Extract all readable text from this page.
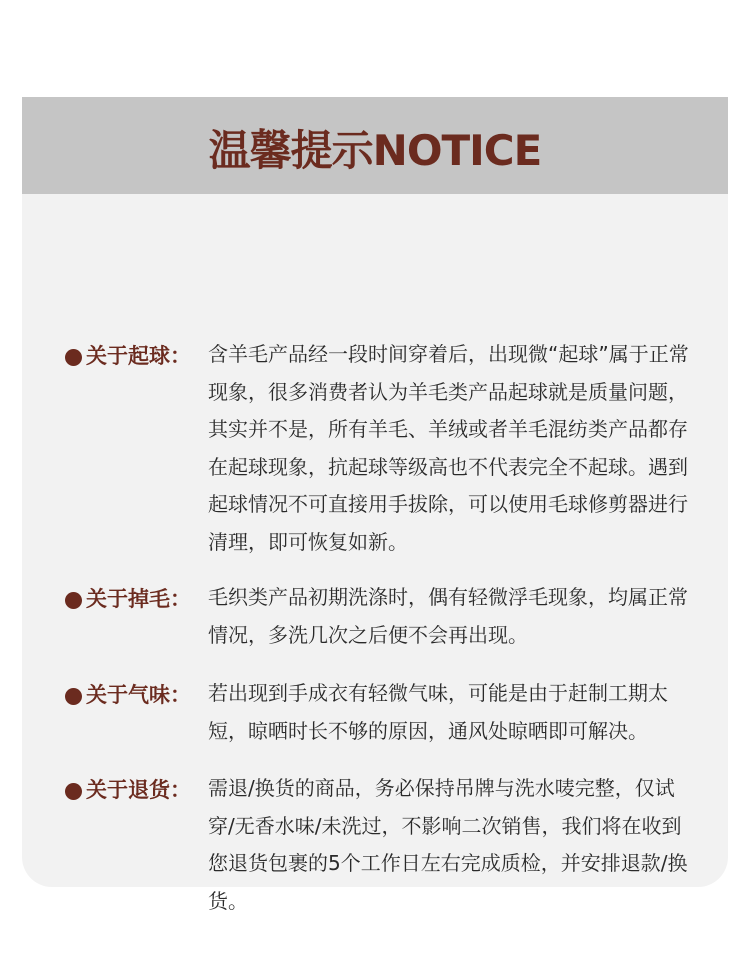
温馨提示NOTICE
关于起球： 含羊毛产品经一段时间穿着后，出现微“起球”属于正常现象，很多消费者认为羊毛类产品起球就是质量问题，其实并不是，所有羊毛、羊绒或者羊毛混纺类产品都存在起球现象，抗起球等级高也不代表完全不起球。遇到起球情况不可直接用手拔除，可以使用毛球修剪器进行清理，即可恢复如新。
关于掉毛： 毛织类产品初期洗涤时，偶有轻微浮毛现象，均属正常情况，多洗几次之后便不会再出现。
关于气味： 若出现到手成衣有轻微气味，可能是由于赶制工期太短，晾晒时长不够的原因，通风处晾晒即可解决。
关于退货： 需退/换货的商品，务必保持吊牌与洗水唛完整，仅试穿/无香水味/未洗过，不影响二次销售，我们将在收到您退货包裹的5个工作日左右完成质检，并安排退款/换货。
